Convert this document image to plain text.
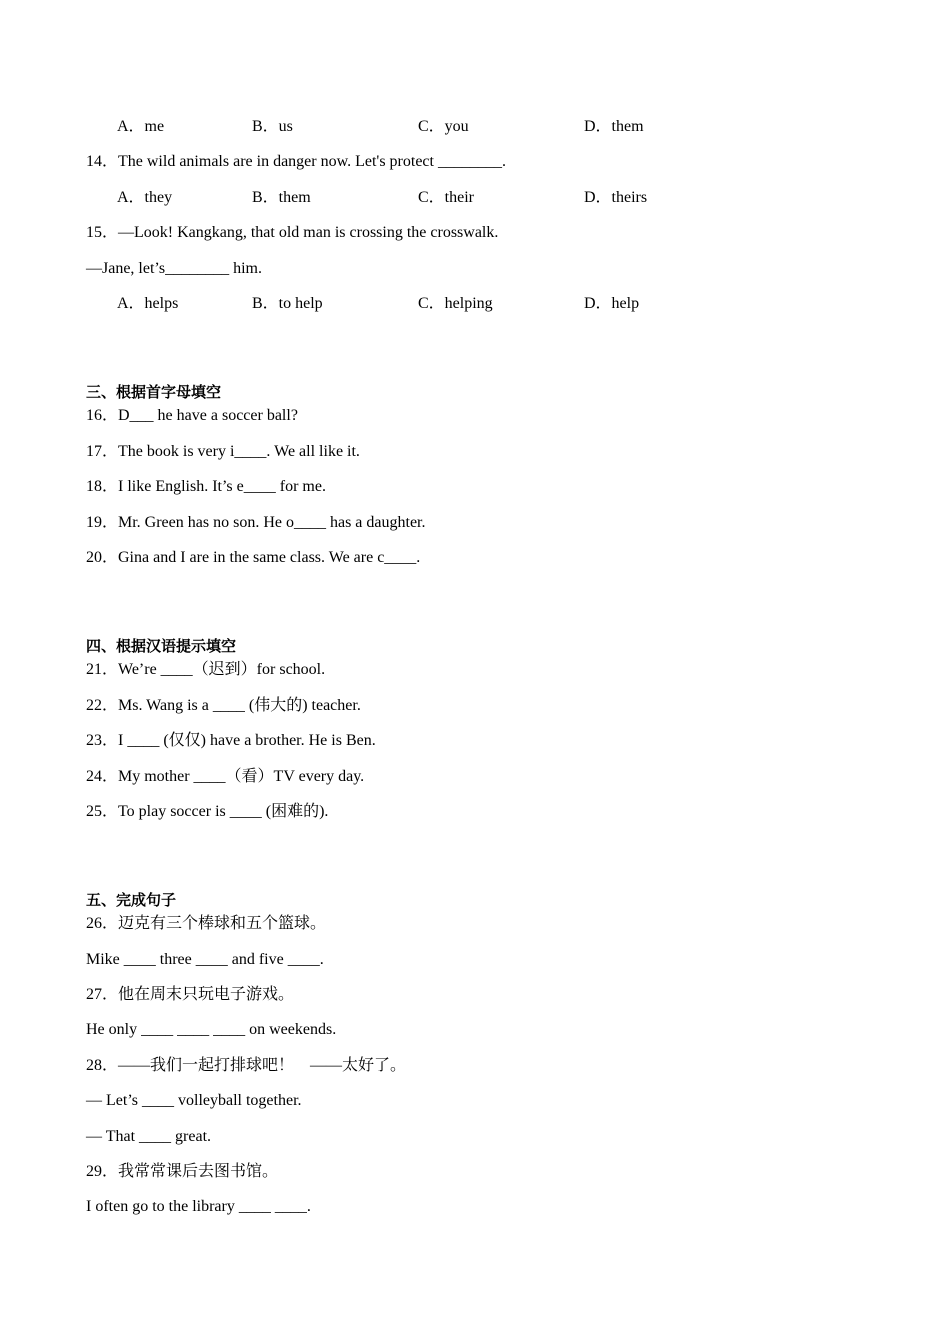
A．me	B．us	C．you	D．them
14．The wild animals are in danger now. Let's protect ________.
A．they	B．them	C．their	D．theirs
15．—Look! Kangkang, that old man is crossing the crosswalk.
—Jane, let’s________ him.
A．helps	B．to help	C．helping	D．help
三、根据首字母填空
16．D___ he have a soccer ball?
17．The book is very i____. We all like it.
18．I like English. It’s e____ for me.
19．Mr. Green has no son. He o____ has a daughter.
20．Gina and I are in the same class. We are c____.
四、根据汉语提示填空
21．We’re ____（迟到）for school.
22．Ms. Wang is a ____ (伟大的) teacher.
23．I ____ (仅仅) have a brother. He is Ben.
24．My mother ____（看）TV every day.
25．To play soccer is ____ (困难的).
五、完成句子
26．迈克有三个棒球和五个篮球。
Mike ____ three ____ and five ____.
27．他在周末只玩电子游戏。
He only ____ ____ ____ on weekends.
28．——我们一起打排球吧！　——太好了。
— Let’s ____ volleyball together.
— That ____ great.
29．我常常课后去图书馆。
I often go to the library ____ ____.
